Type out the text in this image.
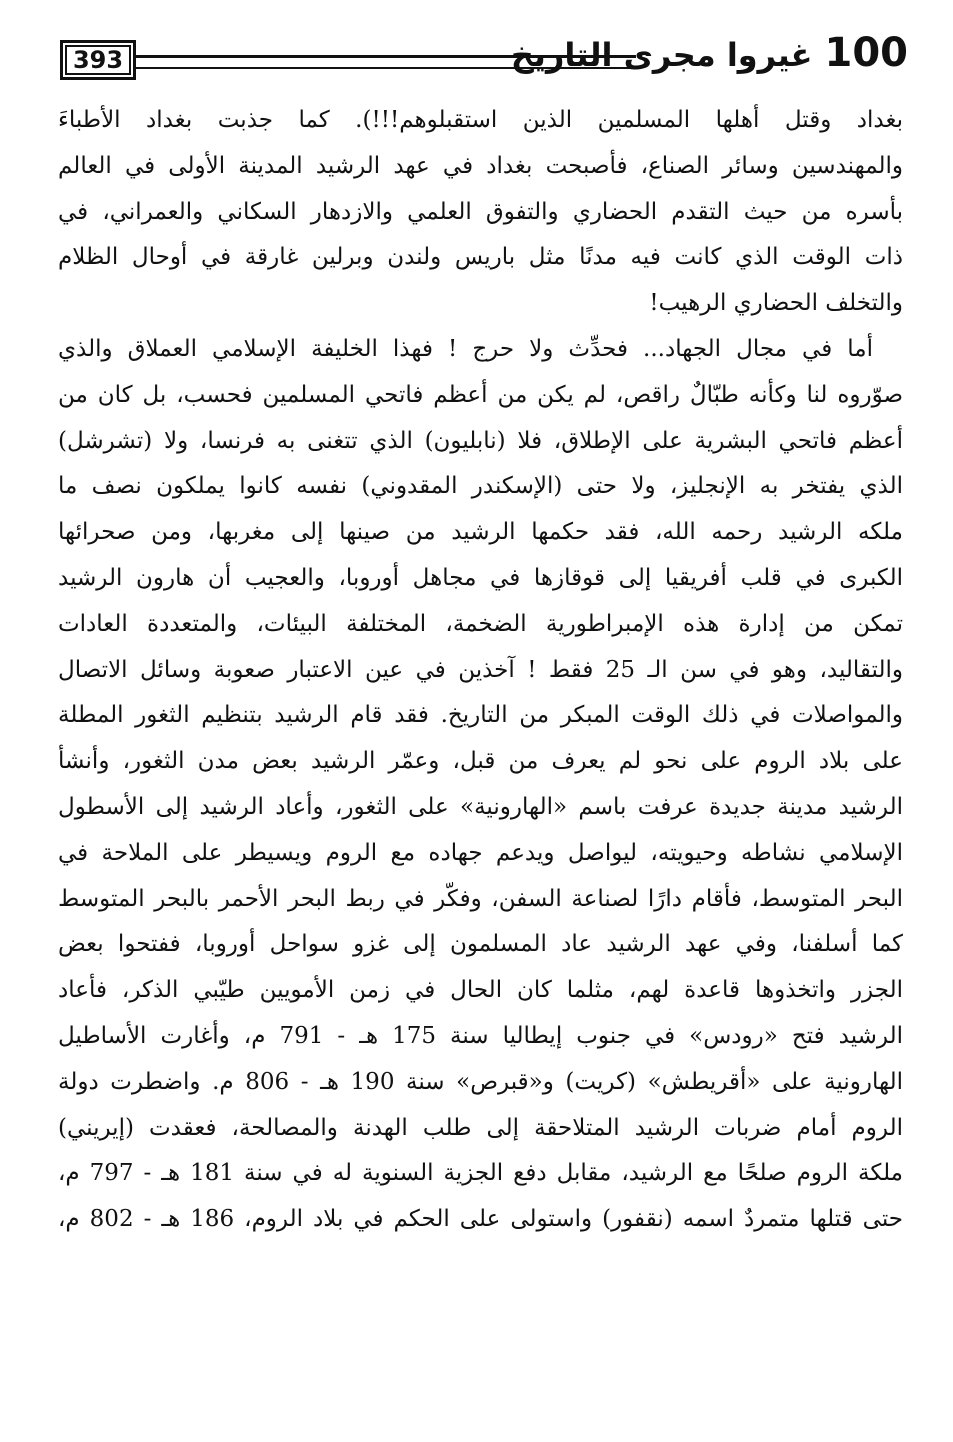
393	100
غيروا مجرى التاريخ
بغداد وقتل أهلها المسلمين الذين استقبلوهم!!!). كما جذبت بغداد الأطباءَ
والمهندسين وسائر الصناع، فأصبحت بغداد في عهد الرشيد المدينة الأولى في العالم
بأسره من حيث التقدم الحضاري والتفوق العلمي والازدهار السكاني والعمراني، في
ذات الوقت الذي كانت فيه مدنًا مثل باريس ولندن وبرلين غارقة في أوحال الظلام
والتخلف الحضاري الرهيب!
أما في مجال الجهاد... فحدِّث ولا حرج ! فهذا الخليفة الإسلامي العملاق والذي
صوّروه لنا وكأنه طبّالٌ راقص، لم يكن من أعظم فاتحي المسلمين فحسب، بل كان من
أعظم فاتحي البشرية على الإطلاق، فلا (نابليون) الذي تتغنى به فرنسا، ولا (تشرشل)
الذي يفتخر به الإنجليز، ولا حتى (الإسكندر المقدوني) نفسه كانوا يملكون نصف ما
ملكه الرشيد رحمه الله، فقد حكمها الرشيد من صينها إلى مغربها، ومن صحرائها
الكبرى في قلب أفريقيا إلى قوقازها في مجاهل أوروبا، والعجيب أن هارون الرشيد
تمكن من إدارة هذه الإمبراطورية الضخمة، المختلفة البيئات، والمتعددة العادات
والتقاليد، وهو في سن الـ 25 فقط ! آخذين في عين الاعتبار صعوبة وسائل الاتصال
والمواصلات في ذلك الوقت المبكر من التاريخ. فقد قام الرشيد بتنظيم الثغور المطلة
على بلاد الروم على نحو لم يعرف من قبل، وعمّر الرشيد بعض مدن الثغور، وأنشأ
الرشيد مدينة جديدة عرفت باسم «الهارونية» على الثغور، وأعاد الرشيد إلى الأسطول
الإسلامي نشاطه وحيويته، ليواصل ويدعم جهاده مع الروم ويسيطر على الملاحة في
البحر المتوسط، فأقام دارًا لصناعة السفن، وفكّر في ربط البحر الأحمر بالبحر المتوسط
كما أسلفنا، وفي عهد الرشيد عاد المسلمون إلى غزو سواحل أوروبا، ففتحوا بعض
الجزر واتخذوها قاعدة لهم، مثلما كان الحال في زمن الأمويين طيّبي الذكر، فأعاد
الرشيد فتح «رودس» في جنوب إيطاليا سنة 175 هـ - 791 م، وأغارت الأساطيل
الهارونية على «أقريطش» (كريت) و«قبرص» سنة 190 هـ - 806 م. واضطرت دولة
الروم أمام ضربات الرشيد المتلاحقة إلى طلب الهدنة والمصالحة، فعقدت (إيريني)
ملكة الروم صلحًا مع الرشيد، مقابل دفع الجزية السنوية له في سنة 181 هـ - 797 م،
حتى قتلها متمردٌ اسمه (نقفور) واستولى على الحكم في بلاد الروم، 186 هـ - 802 م،
